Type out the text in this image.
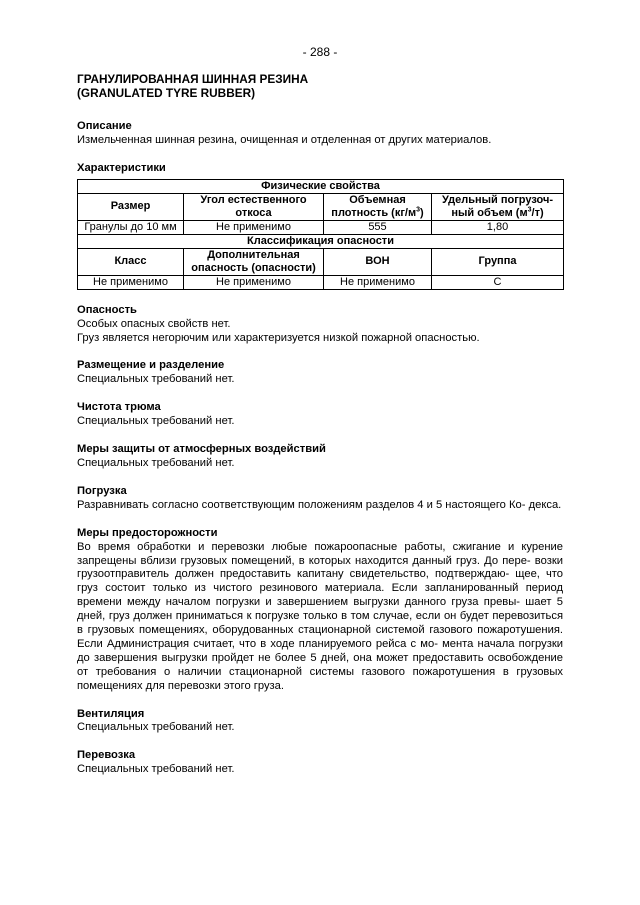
- 288 -
ГРАНУЛИРОВАННАЯ ШИННАЯ РЕЗИНА
(GRANULATED TYRE RUBBER)

Описание

Измельченная шинная резина, очищенная и отделенная от других материалов.

Характеристики

Физические свойства			
Размер	Угол естественного откоса	Объемная плотность $(кг/м^3)$	Удельный погрузоч- ный объем $(м^3/т)$
Гранулы до 10 мм	Не применимо	555	1,80
Классификация опасности			
Класс	Дополнительная опасность (опасности)	ВОН	Группа
Не применимо	Не применимо	Не применимо	С

Опасность

Особых опасных свойств нет.

Груз является негорючим или характеризуется низкой пожарной опасностью.

Размещение и разделение

Специальных требований нет.

Чистота трюма

Специальных требований нет.

Меры защиты от атмосферных воздействий

Специальных требований нет.

Погрузка

Разравнивать согласно соответствующим положениям разделов 4 и 5 настоящего Ко- декса.

Меры предосторожности

Во время обработки и перевозки любые пожароопасные работы, сжигание и курение запрещены вблизи грузовых помещений, в которых находится данный груз. До пере- возки грузоотправитель должен предоставить капитану свидетельство, подтверждаю- щее, что груз состоит только из чистого резинового материала. Если запланированный период времени между началом погрузки и завершением выгрузки данного груза превы- шает 5 дней, груз должен приниматься к погрузке только в том случае, если он будет перевозиться в грузовых помещениях, оборудованных стационарной системой газового пожаротушения. Если Администрация считает, что в ходе планируемого рейса с мо- мента начала погрузки до завершения выгрузки пройдет не более 5 дней, она может предоставить освобождение от требования о наличии стационарной системы газового пожаротушения в грузовых помещениях для перевозки этого груза.

Вентиляция

Специальных требований нет.

Перевозка

Специальных требований нет.
